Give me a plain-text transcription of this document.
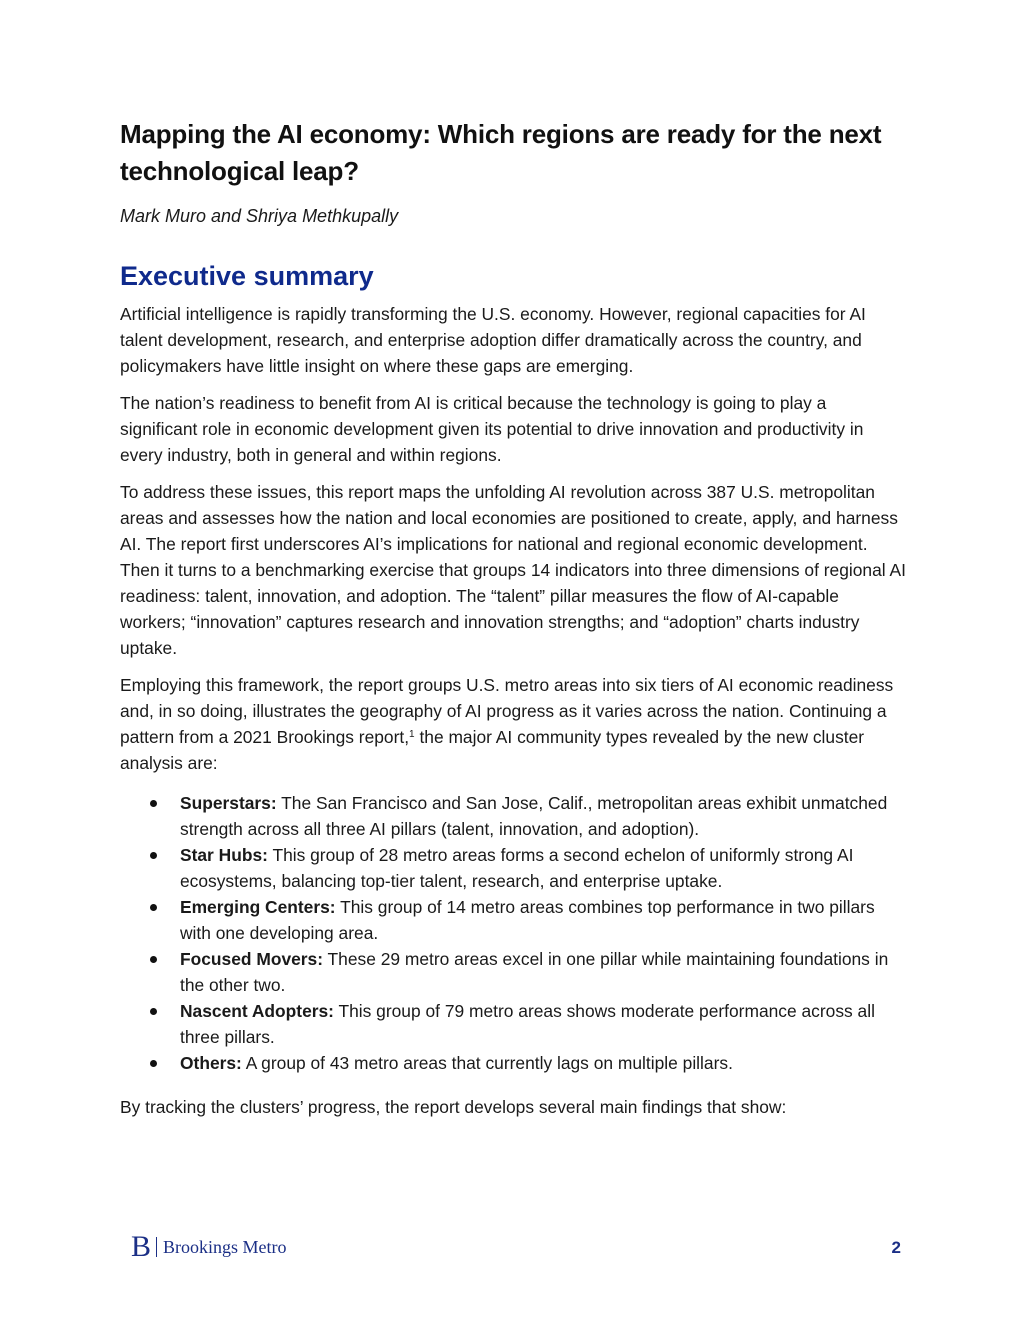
Mapping the AI economy: Which regions are ready for the next technological leap?

Mark Muro and Shriya Methkupally

Executive summary

Artificial intelligence is rapidly transforming the U.S. economy. However, regional capacities for AI talent development, research, and enterprise adoption differ dramatically across the country, and policymakers have little insight on where these gaps are emerging.

The nation’s readiness to benefit from AI is critical because the technology is going to play a significant role in economic development given its potential to drive innovation and productivity in every industry, both in general and within regions.

To address these issues, this report maps the unfolding AI revolution across 387 U.S. metropolitan areas and assesses how the nation and local economies are positioned to create, apply, and harness AI. The report first underscores AI’s implications for national and regional economic development. Then it turns to a benchmarking exercise that groups 14 indicators into three dimensions of regional AI readiness: talent, innovation, and adoption. The “talent” pillar measures the flow of AI-capable workers; “innovation” captures research and innovation strengths; and “adoption” charts industry uptake.

Employing this framework, the report groups U.S. metro areas into six tiers of AI economic readiness and, in so doing, illustrates the geography of AI progress as it varies across the nation. Continuing a pattern from a 2021 Brookings report,$^1$ the major AI community types revealed by the new cluster analysis are:

Superstars: The San Francisco and San Jose, Calif., metropolitan areas exhibit unmatched strength across all three AI pillars (talent, innovation, and adoption).
Star Hubs: This group of 28 metro areas forms a second echelon of uniformly strong AI ecosystems, balancing top-tier talent, research, and enterprise uptake.
Emerging Centers: This group of 14 metro areas combines top performance in two pillars with one developing area.
Focused Movers: These 29 metro areas excel in one pillar while maintaining foundations in the other two.
Nascent Adopters: This group of 79 metro areas shows moderate performance across all three pillars.
Others: A group of 43 metro areas that currently lags on multiple pillars.

By tracking the clusters’ progress, the report develops several main findings that show:

B Brookings Metro	2
